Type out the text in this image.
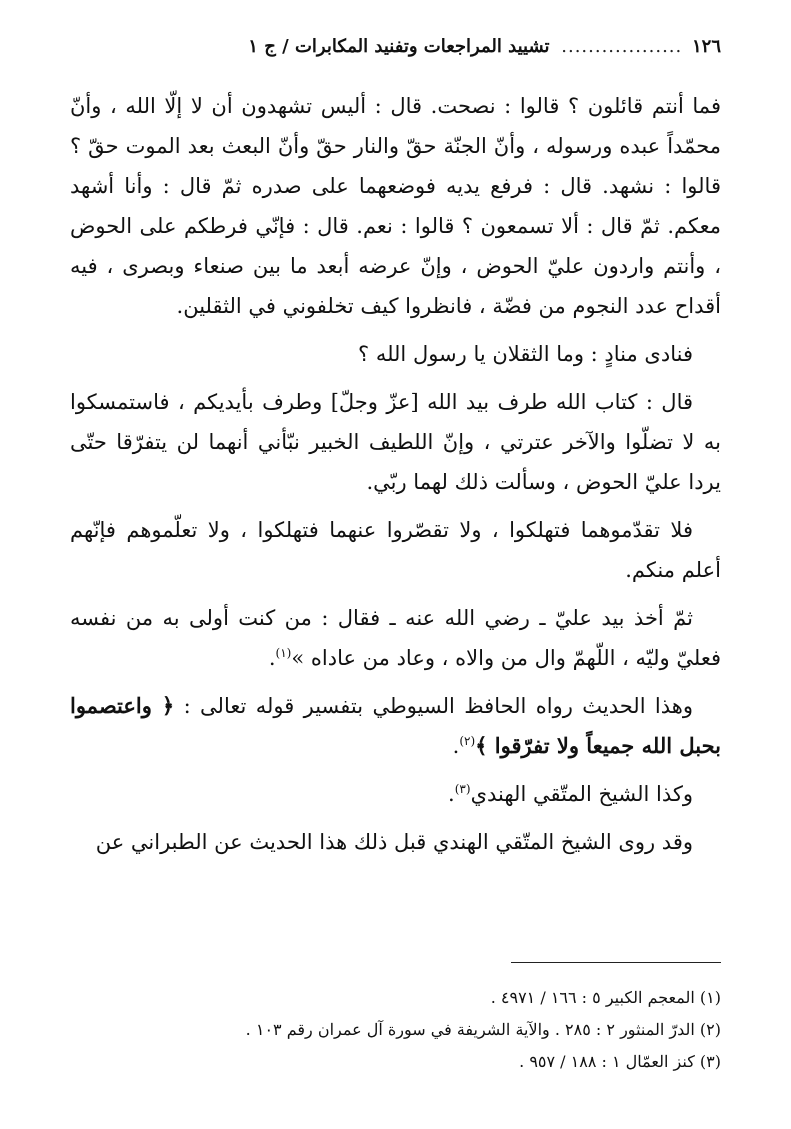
١٢٦ .................. تشييد المراجعات وتفنيد المكابرات / ج ١

فما أنتم قائلون ؟ قالوا : نصحت. قال : أليس تشهدون أن لا إلّا الله ، وأنّ محمّداً عبده ورسوله ، وأنّ الجنّة حقّ والنار حقّ وأنّ البعث بعد الموت حقّ ؟ قالوا : نشهد. قال : فرفع يديه فوضعهما على صدره ثمّ قال : وأنا أشهد معكم. ثمّ قال : ألا تسمعون ؟ قالوا : نعم. قال : فإنّي فرطكم على الحوض ، وأنتم واردون عليّ الحوض ، وإنّ عرضه أبعد ما بين صنعاء وبصرى ، فيه أقداح عدد النجوم من فضّة ، فانظروا كيف تخلفوني في الثقلين.

فنادى منادٍ : وما الثقلان يا رسول الله ؟

قال : كتاب الله طرف بيد الله [عزّ وجلّ] وطرف بأيديكم ، فاستمسكوا به لا تضلّوا والآخر عترتي ، وإنّ اللطيف الخبير نبّأني أنهما لن يتفرّقا حتّى يردا عليّ الحوض ، وسألت ذلك لهما ربّي.

فلا تقدّموهما فتهلكوا ، ولا تقصّروا عنهما فتهلكوا ، ولا تعلّموهم فإنّهم أعلم منكم.

ثمّ أخذ بيد عليّ ـ رضي الله عنه ـ فقال : من كنت أولى به من نفسه فعليّ وليّه ، اللّهمّ وال من والاه ، وعاد من عاداه »$^{(١)}$.

وهذا الحديث رواه الحافظ السيوطي بتفسير قوله تعالى : ﴿ واعتصموا بحبل الله جميعاً ولا تفرّقوا ﴾$^{(٢)}$.

وكذا الشيخ المتّقي الهندي$^{(٣)}$.

وقد روى الشيخ المتّقي الهندي قبل ذلك هذا الحديث عن الطبراني عن

(١) المعجم الكبير ٥ : ١٦٦ / ٤٩٧١ .
(٢) الدرّ المنثور ٢ : ٢٨٥ . والآية الشريفة في سورة آل عمران رقم ١٠٣ .
(٣) كنز العمّال ١ : ١٨٨ / ٩٥٧ .
